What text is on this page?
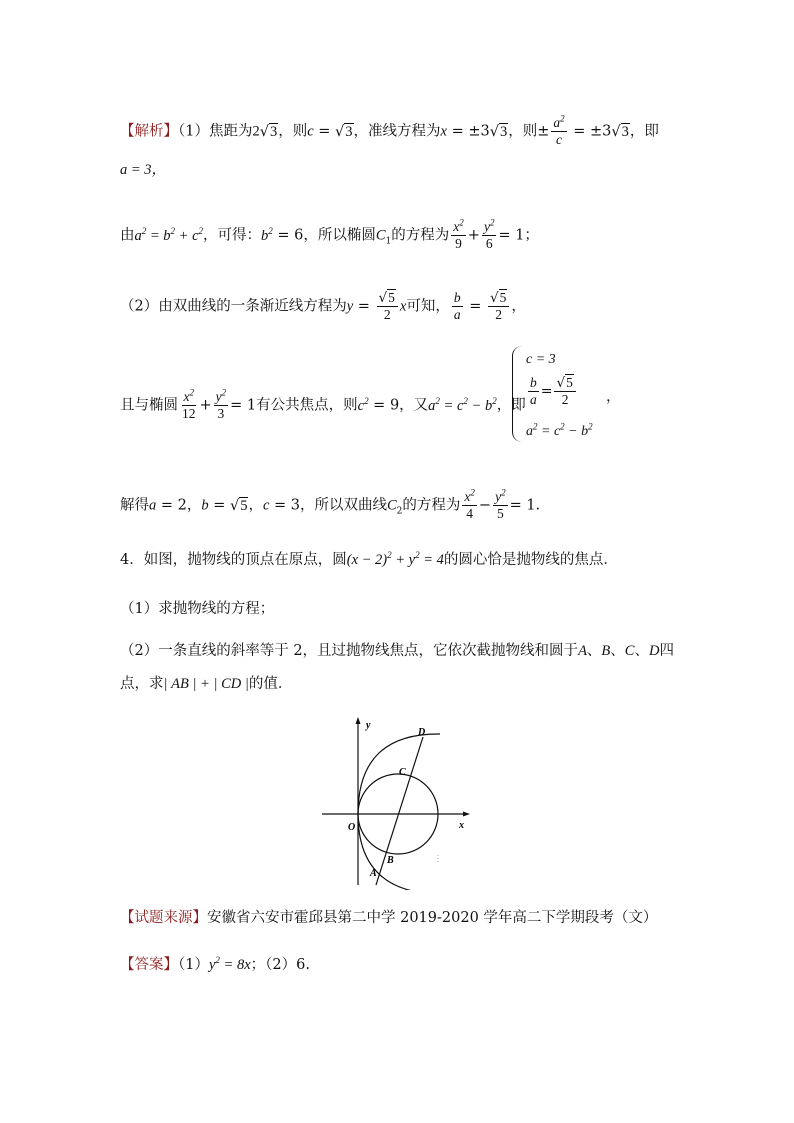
【解析】（1）焦距为2√3，则c = √3，准线方程为x = ±3√3，则± $\frac{a^2}{c} = \pm 3√3$，即
a = 3，
由$a^2 = b^2 + c^2$，可得：$b^2 = 6$，所以椭圆$C_1$的方程为 $\frac{x^2}{9} + \frac{y^2}{6} = 1$；
（2）由双曲线的一条渐近线方程为$y = \frac{√5}{2}$ x可知， $\frac{b}{a} = \frac{√5}{2}$ ，
且与椭圆 $\frac{x^2}{12} + \frac{y^2}{3} = 1$有公共焦点，则$c^2 = 9$，又$a^2 = c^2 - b^2$，即
c = 3
$\frac{b}{a} = \frac{√5}{2}$
$a^2 = c^2 - b^2$
，
解得a = 2，b = √5，c = 3，所以双曲线$C_2$的方程为 $\frac{x^2}{4} - \frac{y^2}{5} = 1$.
4．如图，抛物线的顶点在原点，圆$(x - 2)^2 + y^2 = 4$的圆心恰是抛物线的焦点．
（1）求抛物线的方程；
（2）一条直线的斜率等于 2，且过抛物线焦点，它依次截抛物线和圆于A、B、C、D四
点，求| AB | + | CD |的值．
y
x
O
D
C
B
A
【试题来源】安徽省六安市霍邱县第二中学 2019-2020 学年高二下学期段考（文）
【答案】$(1)y^2 = 8x$；（2）6.
